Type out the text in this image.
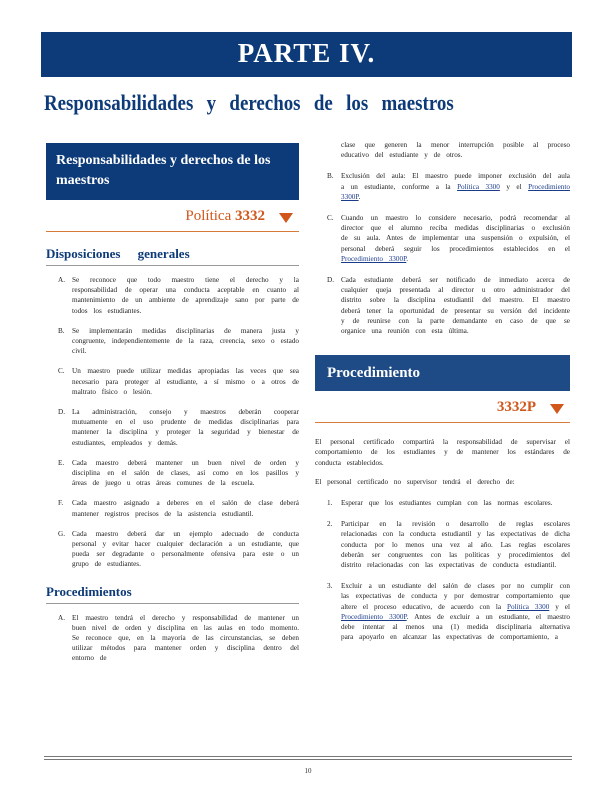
PARTE IV.
Responsabilidades y derechos de los maestros
Responsabilidades y derechos de los maestros
Política 3332
Disposiciones generales
A. Se reconoce que todo maestro tiene el derecho y la responsabilidad de operar una conducta aceptable en cuanto al mantenimiento de un ambiente de aprendizaje sano por parte de todos los estudiantes.
B.	Se implementarán medidas disciplinarias de manera justa y congruente, independientemente de la raza, creencia, sexo o estado civil.
C.	Un maestro puede utilizar medidas apropiadas las veces que sea necesario para proteger al estudiante, a sí mismo o a otros de maltrato físico o lesión.
D. La administración, consejo y maestros deberán cooperar mutuamente en el uso prudente de medidas disciplinarias para mantener la disciplina y proteger la seguridad y bienestar de estudiantes, empleados y demás.
E.	Cada maestro deberá mantener un buen nivel de orden y disciplina en el salón de clases, así como en los pasillos y áreas de juego u otras áreas comunes de la escuela.
F.	Cada maestro asignado a deberes en el salón de clase deberá mantener registros precisos de la asistencia estudiantil.
G. Cada maestro deberá dar un ejemplo adecuado de conducta personal y evitar hacer cualquier declaración a un estudiante, que pueda ser degradante o personalmente ofensiva para este o un grupo de estudiantes.
Procedimientos
A. El maestro tendrá el derecho y responsabilidad de mantener un buen nivel de orden y disciplina en las aulas en todo momento. Se reconoce que, en la mayoría de las circunstancias, se deben utilizar métodos para mantener orden y disciplina dentro del entorno de
clase que generen la menor interrupción posible al proceso educativo del estudiante y de otros.
B.	Exclusión del aula: El maestro puede imponer exclusión del aula a un estudiante, conforme a la Política 3300 y el Procedimiento 3300P.
C.	Cuando un maestro lo considere necesario, podrá recomendar al director que el alumno reciba medidas disciplinarias o exclusión de su aula. Antes de implementar una suspensión o expulsión, el personal deberá seguir los procedimientos establecidos en el Procedimiento 3300P.
D. Cada estudiante deberá ser notificado de inmediato acerca de cualquier queja presentada al director u otro administrador del distrito sobre la disciplina estudiantil del maestro. El maestro deberá tener la oportunidad de presentar su versión del incidente y de reunirse con la parte demandante en caso de que se organice una reunión con esta última.
Procedimiento
3332P
El personal certificado compartirá la responsabilidad de supervisar el comportamiento de los estudiantes y de mantener los estándares de conducta establecidos.
El personal certificado no supervisor tendrá el derecho de:
1.	Esperar que los estudiantes cumplan con las normas escolares.
2.	Participar en la revisión o desarrollo de reglas escolares relacionadas con la conducta estudiantil y las expectativas de dicha conducta por lo menos una vez al año. Las reglas escolares deberán ser congruentes con las políticas y procedimientos del distrito relacionadas con las expectativas de conducta estudiantil.
3.	Excluir a un estudiante del salón de clases por no cumplir con las expectativas de conducta y por demostrar comportamiento que altere el proceso educativo, de acuerdo con la Política 3300 y el Procedimiento 3300P. Antes de excluir a un estudiante, el maestro debe intentar al menos una (1) medida disciplinaria alternativa para apoyarlo en alcanzar las expectativas de comportamiento, a
10
